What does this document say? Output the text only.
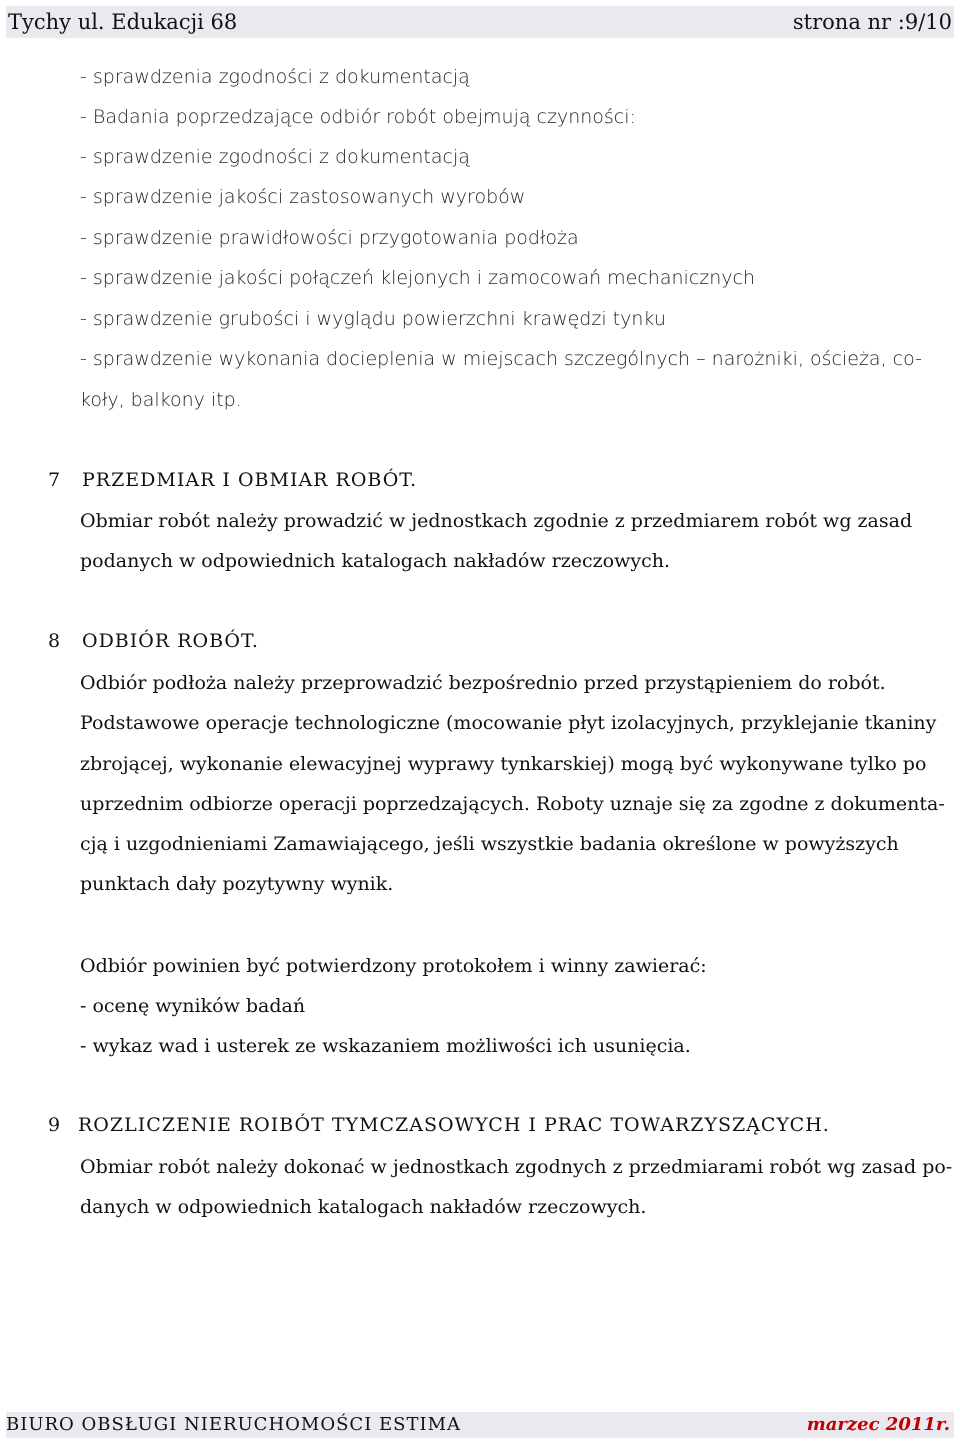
Tychy ul. Edukacji 68	strona nr :9/10
- sprawdzenia zgodności z dokumentacją
- Badania poprzedzające odbiór robót obejmują czynności:
- sprawdzenie zgodności z dokumentacją
- sprawdzenie jakości zastosowanych wyrobów
- sprawdzenie prawidłowości przygotowania podłoża
- sprawdzenie jakości połączeń klejonych i zamocowań mechanicznych
- sprawdzenie grubości i wyglądu powierzchni krawędzi tynku
- sprawdzenie wykonania docieplenia w miejscach szczególnych – narożniki, ościeża, co-
koły, balkony itp.
7 PRZEDMIAR I OBMIAR ROBÓT.
Obmiar robót należy prowadzić w jednostkach zgodnie z przedmiarem robót wg zasad
podanych w odpowiednich katalogach nakładów rzeczowych.
8 ODBIÓR ROBÓT.
Odbiór podłoża należy przeprowadzić bezpośrednio przed przystąpieniem do robót.
Podstawowe operacje technologiczne (mocowanie płyt izolacyjnych, przyklejanie tkaniny
zbrojącej, wykonanie elewacyjnej wyprawy tynkarskiej) mogą być wykonywane tylko po
uprzednim odbiorze operacji poprzedzających. Roboty uznaje się za zgodne z dokumenta-
cją i uzgodnieniami Zamawiającego, jeśli wszystkie badania określone w powyższych
punktach dały pozytywny wynik.
Odbiór powinien być potwierdzony protokołem i winny zawierać:
- ocenę wyników badań
- wykaz wad i usterek ze wskazaniem możliwości ich usunięcia.
9 ROZLICZENIE ROIBÓT TYMCZASOWYCH I PRAC TOWARZYSZĄCYCH.
Obmiar robót należy dokonać w jednostkach zgodnych z przedmiarami robót wg zasad po-
danych w odpowiednich katalogach nakładów rzeczowych.
BIURO OBSŁUGI NIERUCHOMOŚCI ESTIMA	marzec 2011r.
